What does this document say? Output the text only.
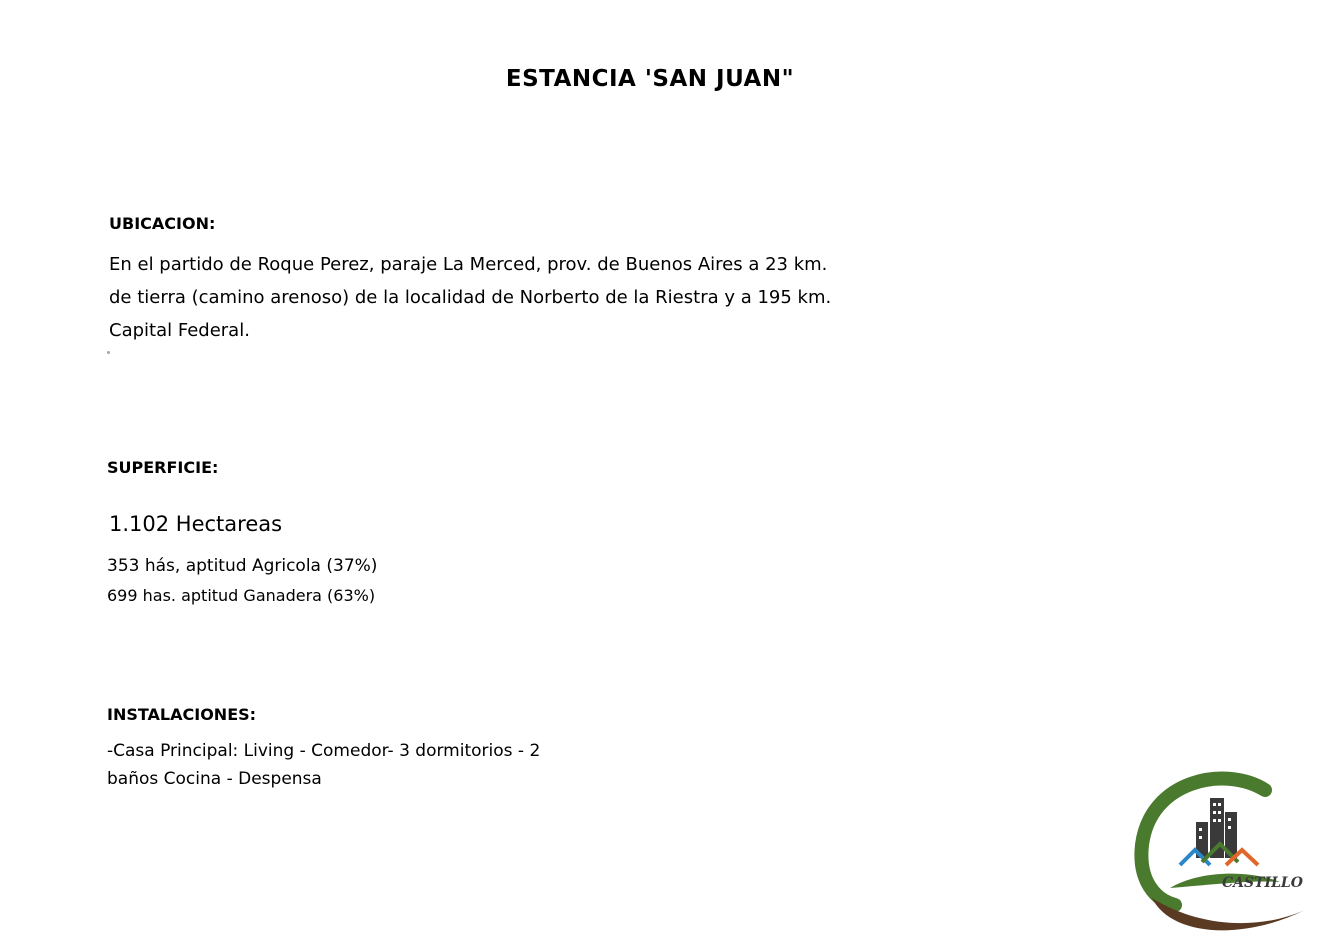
ESTANCIA 'SAN JUAN"
UBICACION:
En el partido de Roque Perez, paraje La Merced, prov. de Buenos Aires a 23 km.
de tierra (camino arenoso) de la localidad de Norberto de la Riestra y a 195 km.
Capital Federal.
SUPERFICIE:
1.102 Hectareas
353 hás, aptitud Agricola (37%)
699 has. aptitud Ganadera (63%)
INSTALACIONES:
-Casa Principal: Living - Comedor- 3 dormitorios - 2
baños Cocina - Despensa
CASTILLO
